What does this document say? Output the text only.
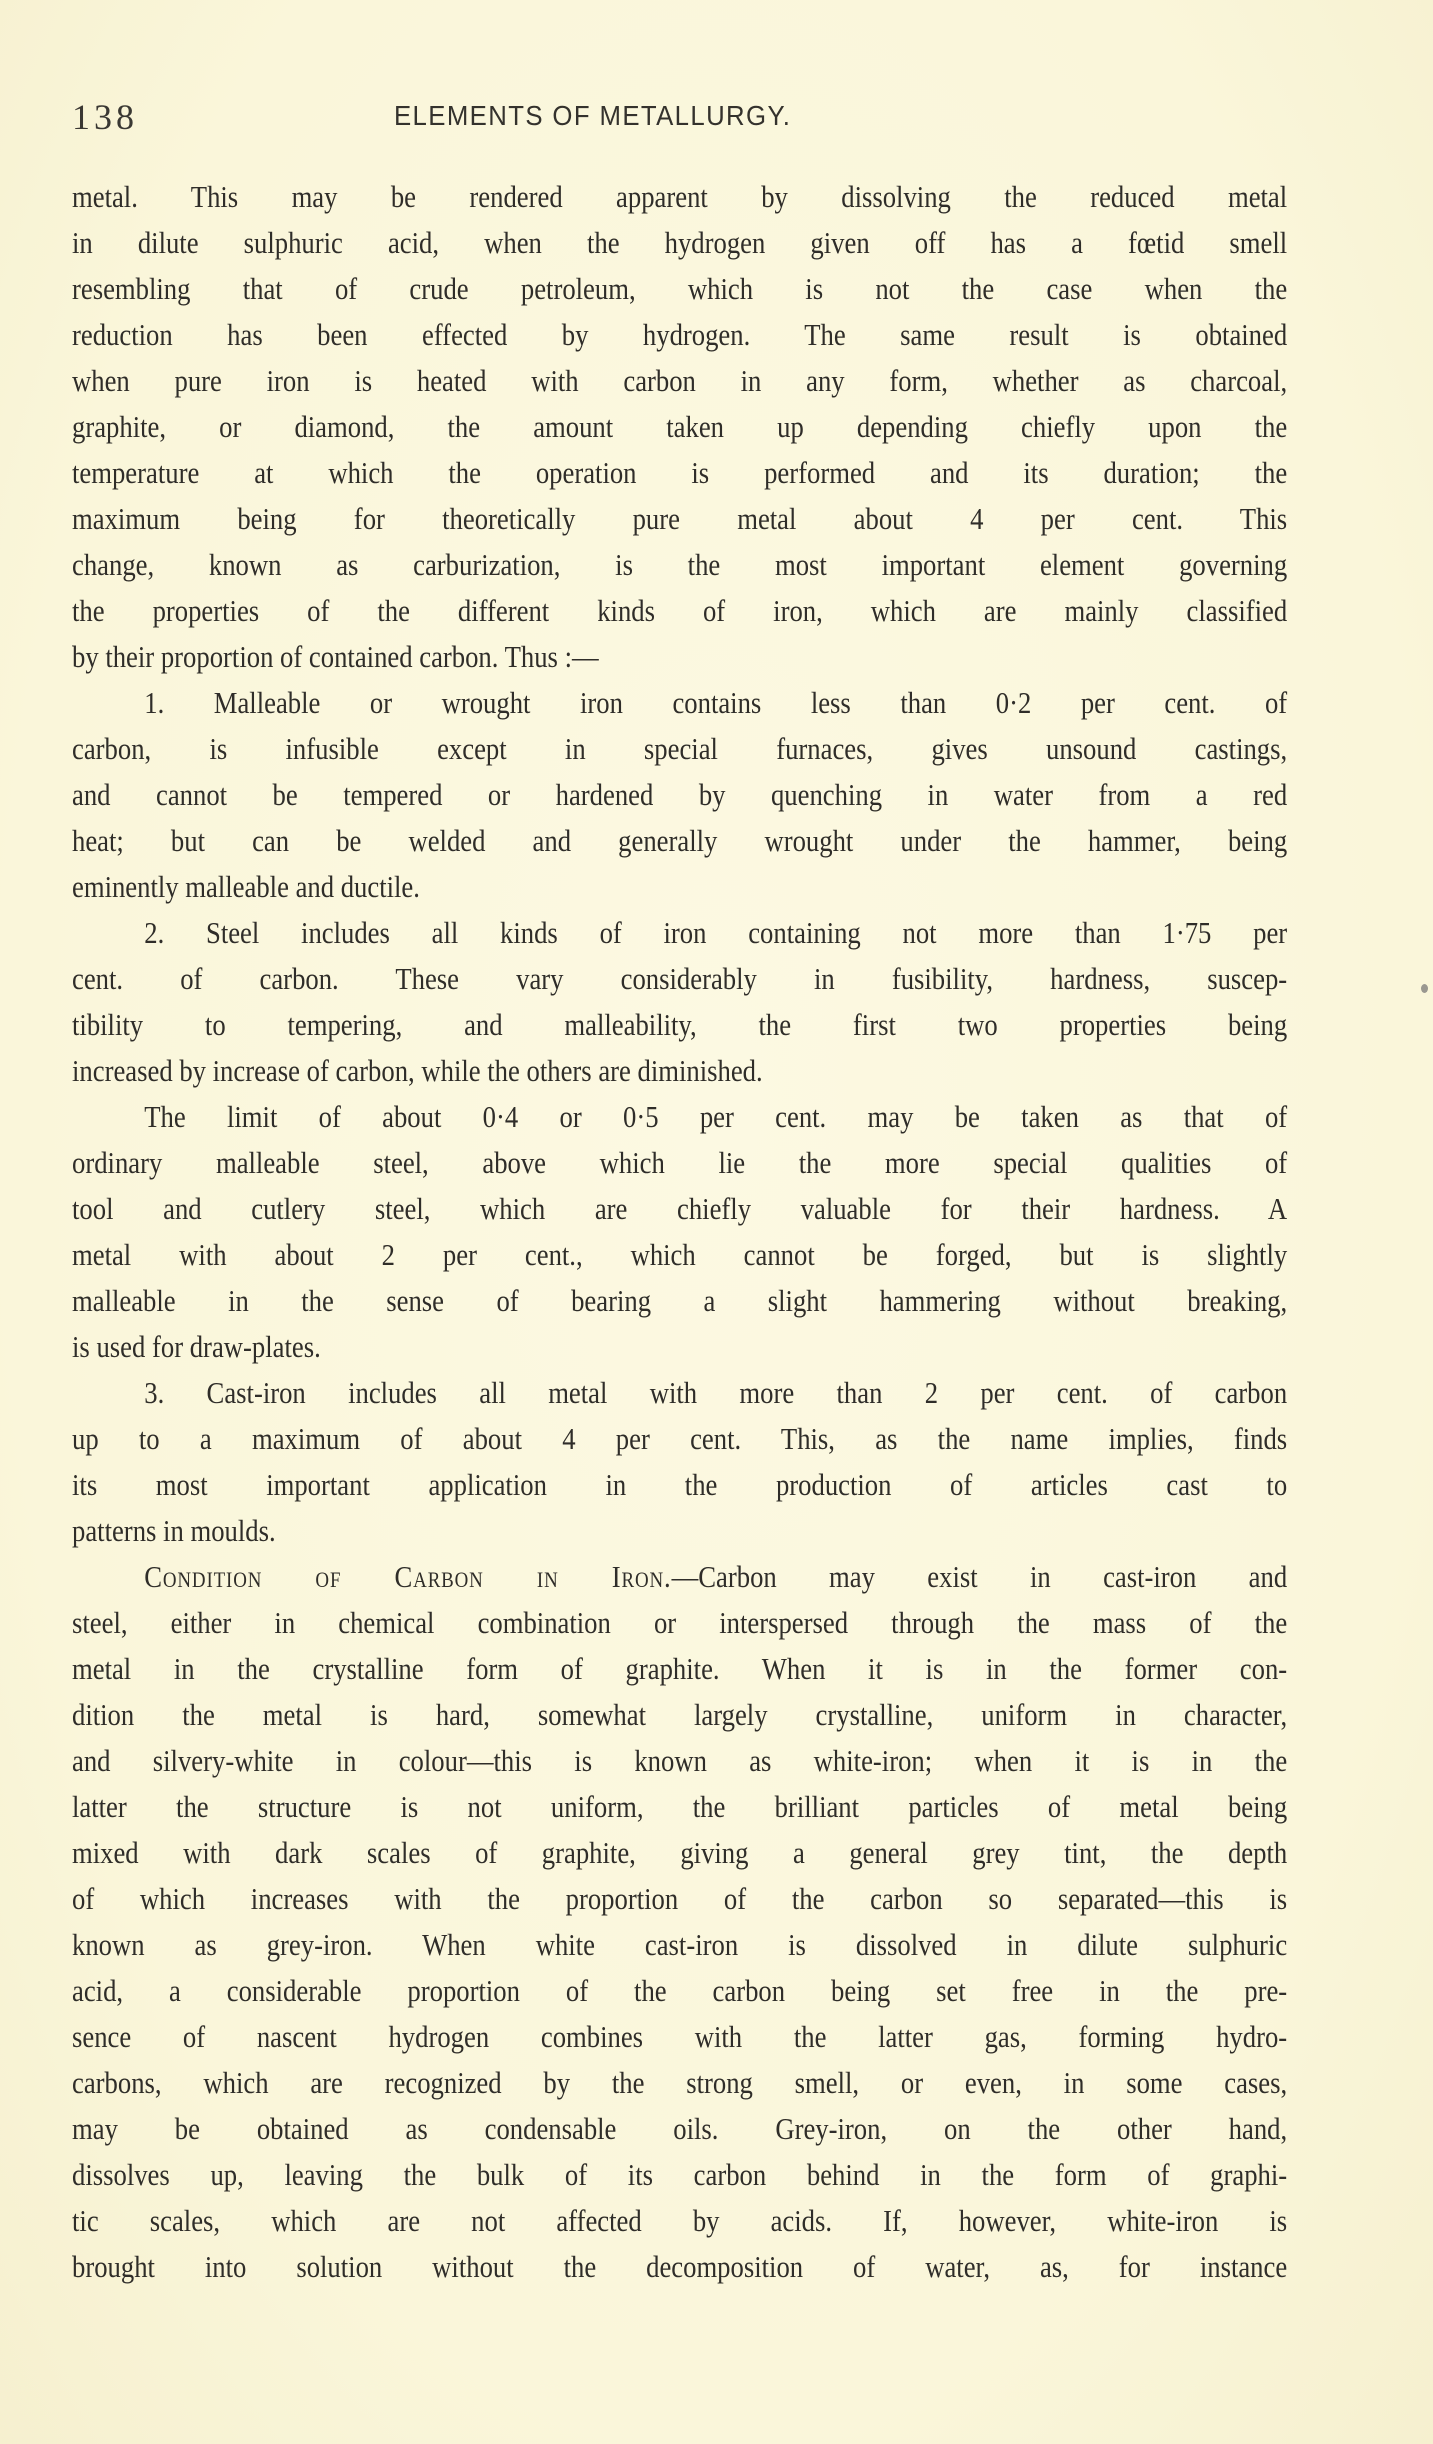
138	ELEMENTS OF METALLURGY.
metal. This may be rendered apparent by dissolving the reduced metal
in dilute sulphuric acid, when the hydrogen given off has a fœtid smell
resembling that of crude petroleum, which is not the case when the
reduction has been effected by hydrogen. The same result is obtained
when pure iron is heated with carbon in any form, whether as charcoal,
graphite, or diamond, the amount taken up depending chiefly upon the
temperature at which the operation is performed and its duration; the
maximum being for theoretically pure metal about 4 per cent. This
change, known as carburization, is the most important element governing
the properties of the different kinds of iron, which are mainly classified
by their proportion of contained carbon. Thus :—
1. Malleable or wrought iron contains less than 0·2 per cent. of
carbon, is infusible except in special furnaces, gives unsound castings,
and cannot be tempered or hardened by quenching in water from a red
heat; but can be welded and generally wrought under the hammer, being
eminently malleable and ductile.
2. Steel includes all kinds of iron containing not more than 1·75 per
cent. of carbon. These vary considerably in fusibility, hardness, suscep-
tibility to tempering, and malleability, the first two properties being
increased by increase of carbon, while the others are diminished.
The limit of about 0·4 or 0·5 per cent. may be taken as that of
ordinary malleable steel, above which lie the more special qualities of
tool and cutlery steel, which are chiefly valuable for their hardness. A
metal with about 2 per cent., which cannot be forged, but is slightly
malleable in the sense of bearing a slight hammering without breaking,
is used for draw-plates.
3. Cast-iron includes all metal with more than 2 per cent. of carbon
up to a maximum of about 4 per cent. This, as the name implies, finds
its most important application in the production of articles cast to
patterns in moulds.
Condition of Carbon in Iron.—Carbon may exist in cast-iron and
steel, either in chemical combination or interspersed through the mass of the
metal in the crystalline form of graphite. When it is in the former con-
dition the metal is hard, somewhat largely crystalline, uniform in character,
and silvery-white in colour—this is known as white-iron; when it is in the
latter the structure is not uniform, the brilliant particles of metal being
mixed with dark scales of graphite, giving a general grey tint, the depth
of which increases with the proportion of the carbon so separated—this is
known as grey-iron. When white cast-iron is dissolved in dilute sulphuric
acid, a considerable proportion of the carbon being set free in the pre-
sence of nascent hydrogen combines with the latter gas, forming hydro-
carbons, which are recognized by the strong smell, or even, in some cases,
may be obtained as condensable oils. Grey-iron, on the other hand,
dissolves up, leaving the bulk of its carbon behind in the form of graphi-
tic scales, which are not affected by acids. If, however, white-iron is
brought into solution without the decomposition of water, as, for instance
